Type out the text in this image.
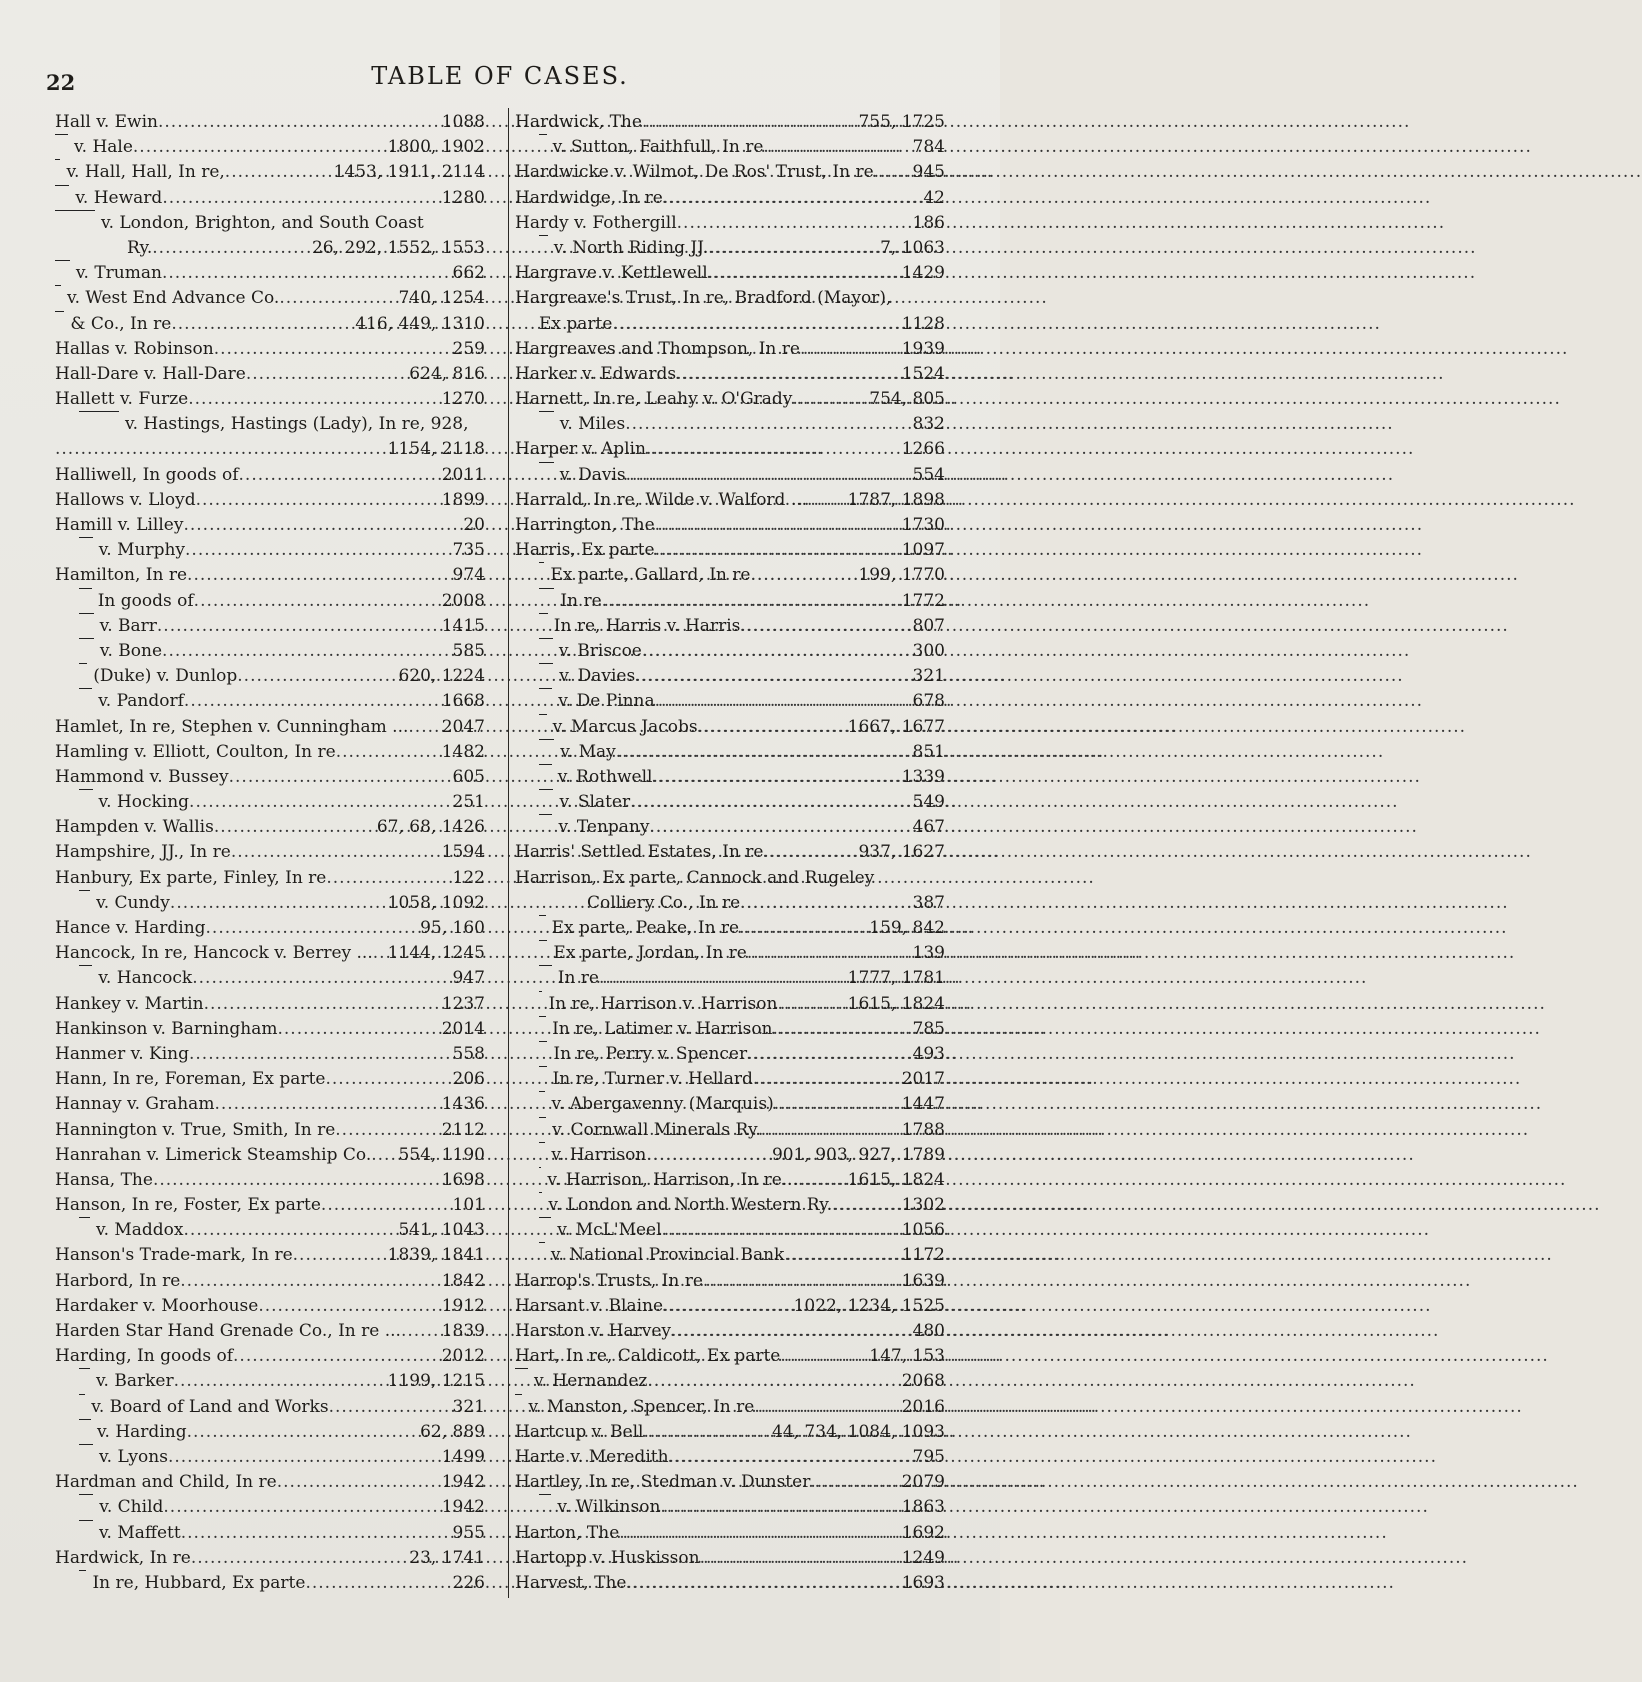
22	TABLE OF CASES.
Hall v. Ewin .....	1088
v. Hale .....	1800, 1902
v. Hall, Hall, In re, .....	1453, 1911, 2114
v. Heward .....	1280
v. London, Brighton, and South Coast
Ry. .....	26, 292, 1552, 1553
v. Truman .....	662
v. West End Advance Co. .....	740, 1254
& Co., In re .....	416, 449, 1310
Hallas v. Robinson .....	259
Hall-Dare v. Hall-Dare .....	624, 816
Hallett v. Furze .....	1270
v. Hastings, Hastings (Lady), In re, 928,
.....
1154, 2118
Halliwell, In goods of .....	2011
Hallows v. Lloyd .....	1899
Hamill v. Lilley .....	20
v. Murphy .....	735
Hamilton, In re .....	974
In goods of .....	2008
v. Barr .....	1415
v. Bone .....	585
(Duke) v. Dunlop .....	620, 1224
v. Pandorf .....	1668
Hamlet, In re, Stephen v. Cunningham ... ..... 2047
Hamling v. Elliott, Coulton, In re .....	1482
Hammond v. Bussey .....	605
v. Hocking .....	251
Hampden v. Wallis .....	67, 68, 1426
Hampshire, JJ., In re .....	1594
Hanbury, Ex parte, Finley, In re .....	122
v. Cundy .....	1058, 1092
Hance v. Harding .....	95, 160
Hancock, In re, Hancock v. Berrey ... ..... 1144, 1245
v. Hancock .....	947
Hankey v. Martin .....	1237
Hankinson v. Barningham .....	2014
Hanmer v. King .....	558
Hann, In re, Foreman, Ex parte .....	206
Hannay v. Graham .....	1436
Hannington v. True, Smith, In re .....	2112
Hanrahan v. Limerick Steamship Co. ..... 554, 1190
Hansa, The .....	1698
Hanson, In re, Foster, Ex parte .....	101
v. Maddox .....	541, 1043
Hanson's Trade-mark, In re .....	1839, 1841
Harbord, In re .....	1842
Hardaker v. Moorhouse .....	1912
Harden Star Hand Grenade Co., In re ... ..... 1839
Harding, In goods of .....	2012
v. Barker .....	1199, 1215
v. Board of Land and Works .....	321
v. Harding .....	62, 889
v. Lyons .....	1499
Hardman and Child, In re .....	1942
v. Child .....	1942
v. Maffett .....	955
Hardwick, In re .....	23, 1741
In re, Hubbard, Ex parte .....	226
Hardwick, The .....	755, 1725
v. Sutton, Faithfull, In re .....	784
Hardwicke v. Wilmot, De Ros' Trust, In re ..... 945
Hardwidge, In re .....	42
Hardy v. Fothergill .....	186
v. North Riding JJ. .....	7, 1063
Hargrave v. Kettlewell .....	1429
Hargreave's Trust, In re, Bradford (Mayor),
Ex parte .....	1128
Hargreaves and Thompson, In re .....	1939
Harker v. Edwards .....	1524
Harnett, In re, Leahy v. O'Grady .....	754, 805
v. Miles .....	832
Harper v. Aplin .....	1266
v. Davis .....	554
Harrald, In re, Wilde v. Walford ... ..... 1787, 1898
Harrington, The .....	1730
Harris, Ex parte .....	1097
Ex parte, Gallard, In re .....	199, 1770
In re .....	1772
In re, Harris v. Harris .....	807
v. Briscoe .....	300
v. Davies .....	321
v. De Pinna .....	678
v. Marcus Jacobs .....	1667, 1677
v. May .....	851
v. Rothwell .....	1339
v. Slater .....	549
v. Tenpany .....	467
Harris' Settled Estates, In re .....	937, 1627
Harrison, Ex parte, Cannock and Rugeley
Colliery Co., In re .....	387
Ex parte, Peake, In re .....	159, 842
Ex parte, Jordan, In re .....	139
In re .....	1777, 1781
In re, Harrison v. Harrison .....	1615, 1824
In re, Latimer v. Harrison .....	785
In re, Perry v. Spencer .....	493
In re, Turner v. Hellard .....	2017
v. Abergavenny (Marquis) .....	1447
v. Cornwall Minerals Ry. .....	1788
v. Harrison .....	901, 903, 927, 1789
v. Harrison, Harrison, In re... .....	1615, 1824
v. London and North Western Ry. .....	1302
v. McL'Meel .....	1056
v. National Provincial Bank .....	1172
Harrop's Trusts, In re .....	1639
Harsant v. Blaine .....	1022, 1234, 1525
Harston v. Harvey .....	480
Hart, In re, Caldicott, Ex parte .....	147, 153
v. Hernandez .....	2068
v. Manston, Spencer, In re .....	2016
Hartcup v. Bell .....	44, 734, 1084, 1093
Harte v. Meredith .....	795
Hartley, In re, Stedman v. Dunster .....	2079
v. Wilkinson .....	1863
Harton, The .....	1692
Hartopp v. Huskisson .....	1249
Harvest, The .....	1693
